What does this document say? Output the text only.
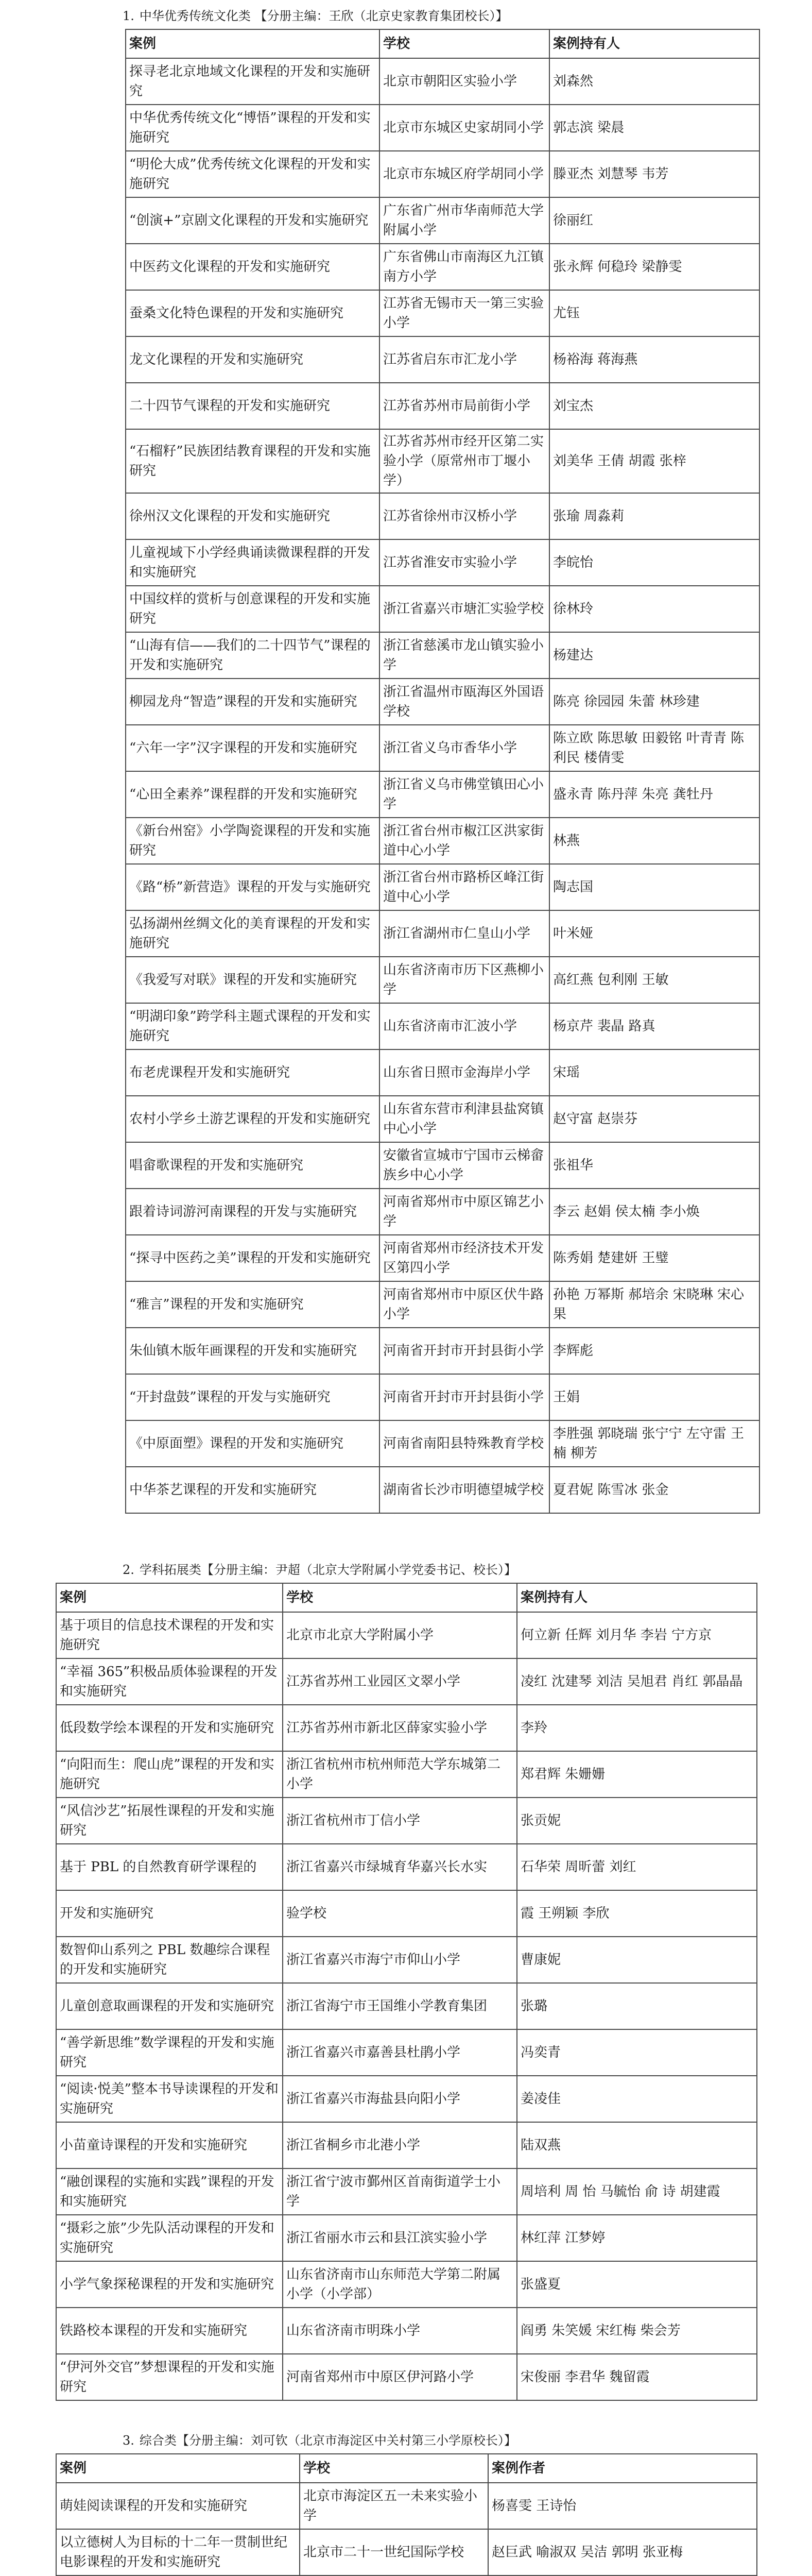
1. 中华优秀传统文化类 【分册主编：王欣（北京史家教育集团校长）】
案例	学校	案例持有人
探寻老北京地域文化课程的开发和实施研究	北京市朝阳区实验小学	刘森然
中华优秀传统文化“博悟”课程的开发和实施研究	北京市东城区史家胡同小学	郭志滨 梁晨
“明伦大成”优秀传统文化课程的开发和实施研究	北京市东城区府学胡同小学	滕亚杰 刘慧琴 韦芳
“创演+”京剧文化课程的开发和实施研究	广东省广州市华南师范大学附属小学	徐丽红
中医药文化课程的开发和实施研究	广东省佛山市南海区九江镇南方小学	张永辉 何稳玲 梁静雯
蚕桑文化特色课程的开发和实施研究	江苏省无锡市天一第三实验小学	尤钰
龙文化课程的开发和实施研究	江苏省启东市汇龙小学	杨裕海 蒋海燕
二十四节气课程的开发和实施研究	江苏省苏州市局前街小学	刘宝杰
“石榴籽”民族团结教育课程的开发和实施研究	江苏省苏州市经开区第二实验小学（原常州市丁堰小学）	刘美华 王倩 胡霞 张梓
徐州汉文化课程的开发和实施研究	江苏省徐州市汉桥小学	张瑜 周淼莉
儿童视域下小学经典诵读微课程群的开发和实施研究	江苏省淮安市实验小学	李皖怡
中国纹样的赏析与创意课程的开发和实施研究	浙江省嘉兴市塘汇实验学校	徐林玲
“山海有信——我们的二十四节气”课程的开发和实施研究	浙江省慈溪市龙山镇实验小学	杨建达
柳园龙舟“智造”课程的开发和实施研究	浙江省温州市瓯海区外国语学校	陈亮 徐园园 朱蕾 林珍建
“六年一字”汉字课程的开发和实施研究	浙江省义乌市香华小学	陈立欧 陈思敏 田毅铭 叶青青 陈利民 楼倩雯
“心田全素养”课程群的开发和实施研究	浙江省义乌市佛堂镇田心小学	盛永青 陈丹萍 朱亮 龚牡丹
《新台州窑》小学陶瓷课程的开发和实施研究	浙江省台州市椒江区洪家街道中心小学	林燕
《路“桥”新营造》课程的开发与实施研究	浙江省台州市路桥区峰江街道中心小学	陶志国
弘扬湖州丝绸文化的美育课程的开发和实施研究	浙江省湖州市仁皇山小学	叶米娅
《我爱写对联》课程的开发和实施研究	山东省济南市历下区燕柳小学	高红燕 包利刚 王敏
“明湖印象”跨学科主题式课程的开发和实施研究	山东省济南市汇波小学	杨京芹 裴晶 路真
布老虎课程开发和实施研究	山东省日照市金海岸小学	宋瑶
农村小学乡土游艺课程的开发和实施研究	山东省东营市利津县盐窝镇中心小学	赵守富 赵崇芬
唱畲歌课程的开发和实施研究	安徽省宣城市宁国市云梯畲族乡中心小学	张祖华
跟着诗词游河南课程的开发与实施研究	河南省郑州市中原区锦艺小学	李云 赵娟 侯太楠 李小焕
“探寻中医药之美”课程的开发和实施研究	河南省郑州市经济技术开发区第四小学	陈秀娟 楚建妍 王璧
“雅言”课程的开发和实施研究	河南省郑州市中原区伏牛路小学	孙艳 万幂斯 郝培余 宋晓琳 宋心果
朱仙镇木版年画课程的开发和实施研究	河南省开封市开封县街小学	李辉彪
“开封盘鼓”课程的开发与实施研究	河南省开封市开封县街小学	王娟
《中原面塑》课程的开发和实施研究	河南省南阳县特殊教育学校	李胜强 郭晓瑞 张宁宁 左守雷 王楠 柳芳
中华茶艺课程的开发和实施研究	湖南省长沙市明德望城学校	夏君妮 陈雪冰 张金
2. 学科拓展类【分册主编：尹超（北京大学附属小学党委书记、校长）】
案例	学校	案例持有人
基于项目的信息技术课程的开发和实施研究	北京市北京大学附属小学	何立新 任辉 刘月华 李岩 宁方京
“幸福 365”积极品质体验课程的开发和实施研究	江苏省苏州工业园区文翠小学	凌红 沈建琴 刘洁 吴旭君 肖红 郭晶晶
低段数学绘本课程的开发和实施研究	江苏省苏州市新北区薛家实验小学	李羚
“向阳而生：爬山虎”课程的开发和实施研究	浙江省杭州市杭州师范大学东城第二小学	郑君辉 朱姗姗
“风信沙艺”拓展性课程的开发和实施研究	浙江省杭州市丁信小学	张贡妮
基于 PBL 的自然教育研学课程的	浙江省嘉兴市绿城育华嘉兴长水实	石华荣 周昕蕾 刘红
开发和实施研究	验学校	霞 王朔颖 李欣
数智仰山系列之 PBL 数趣综合课程的开发和实施研究	浙江省嘉兴市海宁市仰山小学	曹康妮
儿童创意取画课程的开发和实施研究	浙江省海宁市王国维小学教育集团	张璐
“善学新思维”数学课程的开发和实施研究	浙江省嘉兴市嘉善县杜鹃小学	冯奕青
“阅读·悦美”整本书导读课程的开发和实施研究	浙江省嘉兴市海盐县向阳小学	姜凌佳
小苗童诗课程的开发和实施研究	浙江省桐乡市北港小学	陆双燕
“融创课程的实施和实践”课程的开发和实施研究	浙江省宁波市鄞州区首南街道学士小学	周培利 周 怡 马毓怡 俞 诗 胡建霞
“摄彩之旅”少先队活动课程的开发和实施研究	浙江省丽水市云和县江滨实验小学	林红萍 江梦婷
小学气象探秘课程的开发和实施研究	山东省济南市山东师范大学第二附属小学（小学部）	张盛夏
铁路校本课程的开发和实施研究	山东省济南市明珠小学	阎勇 朱笑媛 宋红梅 柴会芳
“伊河外交官”梦想课程的开发和实施研究	河南省郑州市中原区伊河路小学	宋俊丽 李君华 魏留霞
3. 综合类【分册主编：刘可钦（北京市海淀区中关村第三小学原校长）】
案例	学校	案例作者
萌娃阅读课程的开发和实施研究	北京市海淀区五一未来实验小学	杨喜雯 王诗怡
以立德树人为目标的十二年一贯制世纪电影课程的开发和实施研究	北京市二十一世纪国际学校	赵巨武 喻淑双 吴洁 郭明 张亚梅
